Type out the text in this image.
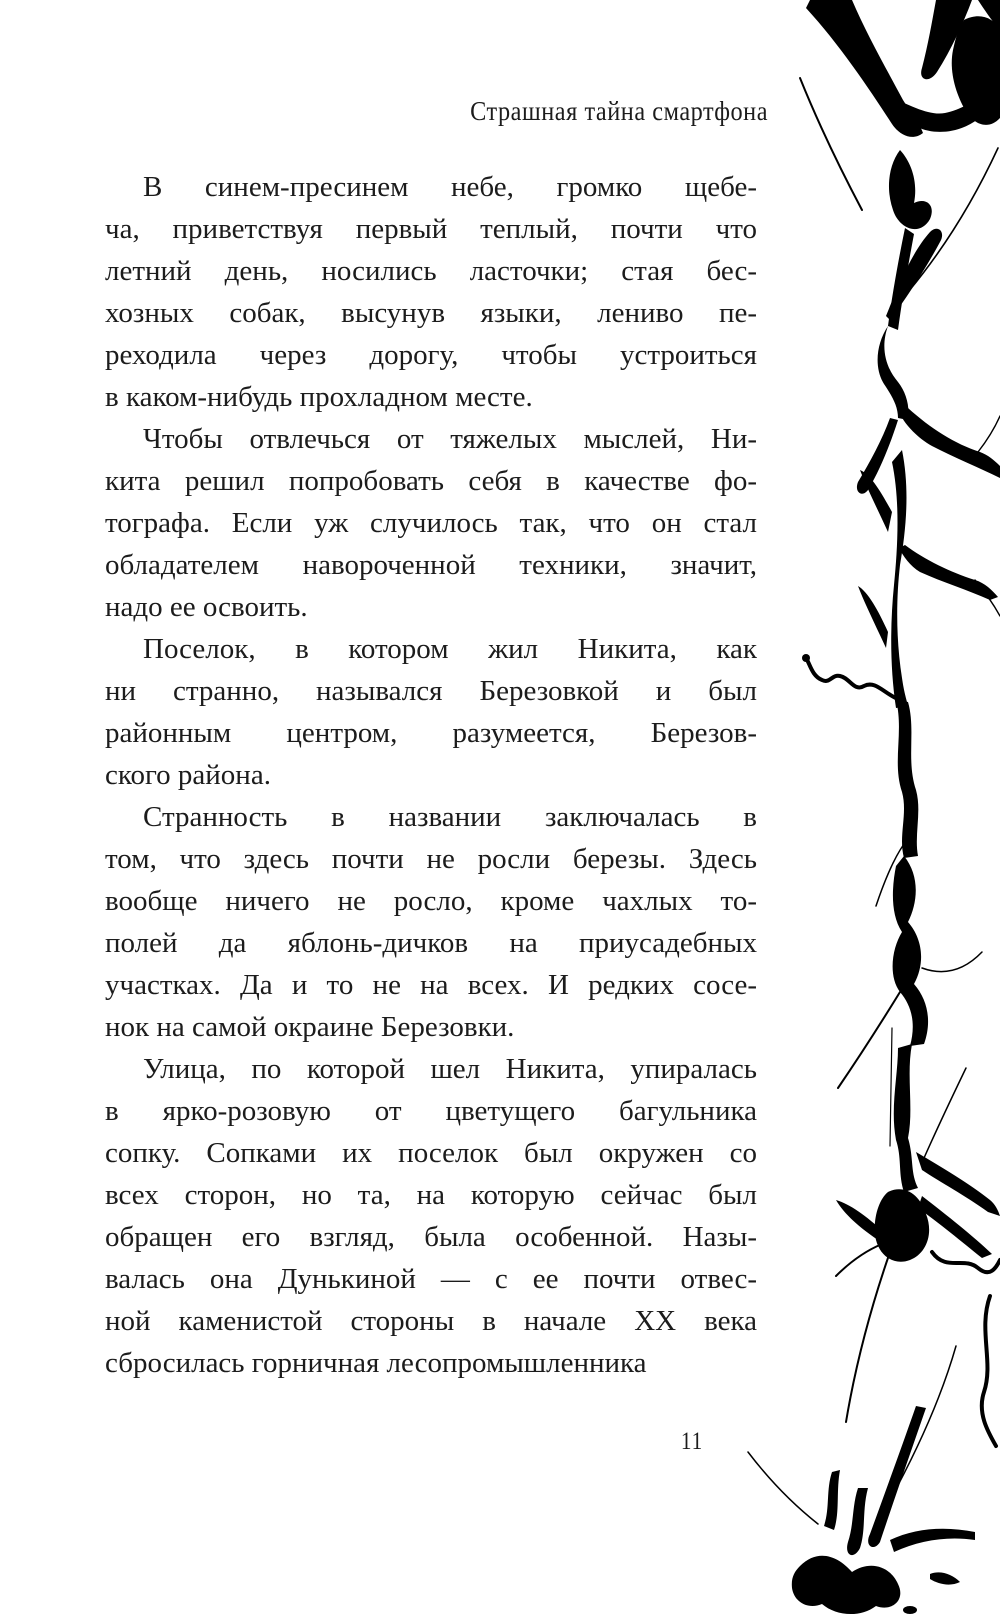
Страшная тайна смартфона
В синем-пресинем небе, громко щебе-
ча, приветствуя первый теплый, почти что
летний день, носились ласточки; стая бес-
хозных собак, высунув языки, лениво пе-
реходила через дорогу, чтобы устроиться
в каком-нибудь прохладном месте.
Чтобы отвлечься от тяжелых мыслей, Ни-
кита решил попробовать себя в качестве фо-
тографа. Если уж случилось так, что он стал
обладателем навороченной техники, значит,
надо ее освоить.
Поселок, в котором жил Никита, как
ни странно, назывался Березовкой и был
районным центром, разумеется, Березов-
ского района.
Странность в названии заключалась в
том, что здесь почти не росли березы. Здесь
вообще ничего не росло, кроме чахлых то-
полей да яблонь-дичков на приусадебных
участках. Да и то не на всех. И редких сосе-
нок на самой окраине Березовки.
Улица, по которой шел Никита, упиралась
в ярко-розовую от цветущего багульника
сопку. Сопками их поселок был окружен со
всех сторон, но та, на которую сейчас был
обращен его взгляд, была особенной. Назы-
валась она Дунькиной — с ее почти отвес-
ной каменистой стороны в начале XX века
сбросилась горничная лесопромышленника
11
